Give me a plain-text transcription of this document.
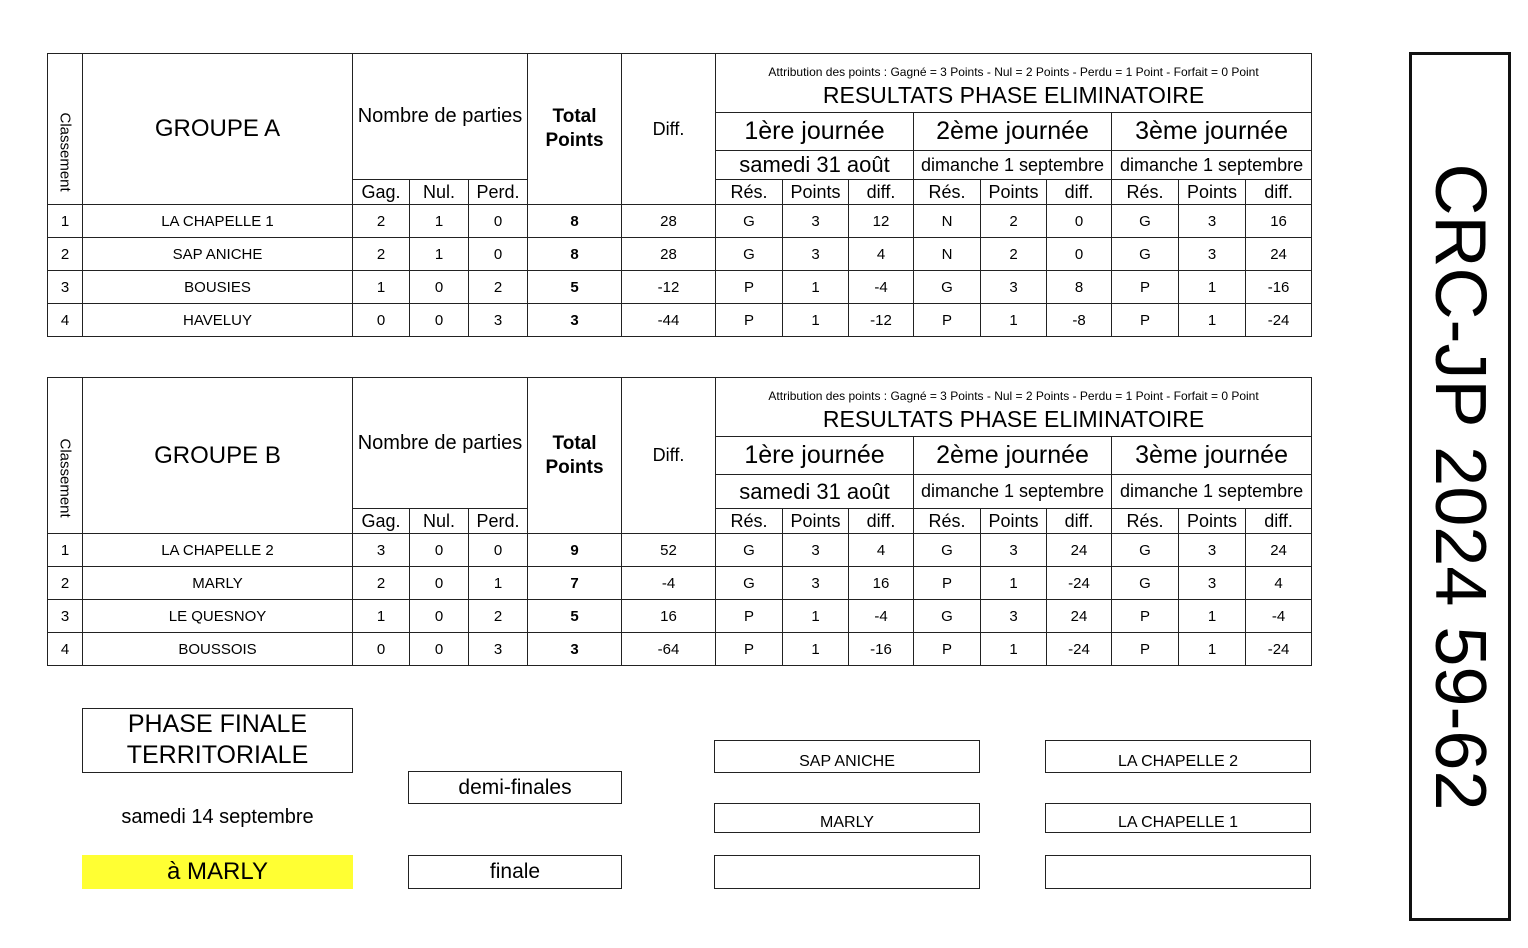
Classement	GROUPE A	Nombre de parties			Total Points	Diff.	Attribution des points : Gagné = 3 Points - Nul = 2 Points - Perdu = 1 Point - Forfait = 0 Point								
							RESULTATS PHASE ELIMINATOIRE								
							1ère journée			2ème journée			3ème journée		
							samedi 31 août			dimanche 1 septembre			dimanche 1 septembre		
		Gag.	Nul.	Perd.			Rés.	Points	diff.	Rés.	Points	diff.	Rés.	Points	diff.
1	LA CHAPELLE 1	2	1	0	8	28	G	3	12	N	2	0	G	3	16
2	SAP ANICHE	2	1	0	8	28	G	3	4	N	2	0	G	3	24
3	BOUSIES	1	0	2	5	-12	P	1	-4	G	3	8	P	1	-16
4	HAVELUY	0	0	3	3	-44	P	1	-12	P	1	-8	P	1	-24
Classement	GROUPE B	Nombre de parties			Total Points	Diff.	Attribution des points : Gagné = 3 Points - Nul = 2 Points - Perdu = 1 Point - Forfait = 0 Point								
							RESULTATS PHASE ELIMINATOIRE								
							1ère journée			2ème journée			3ème journée		
							samedi 31 août			dimanche 1 septembre			dimanche 1 septembre		
		Gag.	Nul.	Perd.			Rés.	Points	diff.	Rés.	Points	diff.	Rés.	Points	diff.
1	LA CHAPELLE 2	3	0	0	9	52	G	3	4	G	3	24	G	3	24
2	MARLY	2	0	1	7	-4	G	3	16	P	1	-24	G	3	4
3	LE QUESNOY	1	0	2	5	16	P	1	-4	G	3	24	P	1	-4
4	BOUSSOIS	0	0	3	3	-64	P	1	-16	P	1	-24	P	1	-24
PHASE FINALE
TERRITORIALE
samedi 14 septembre
à MARLY
demi-finales
finale
SAP ANICHE
MARLY
LA CHAPELLE 2
LA CHAPELLE 1
CRC-JP 2024 59-62
